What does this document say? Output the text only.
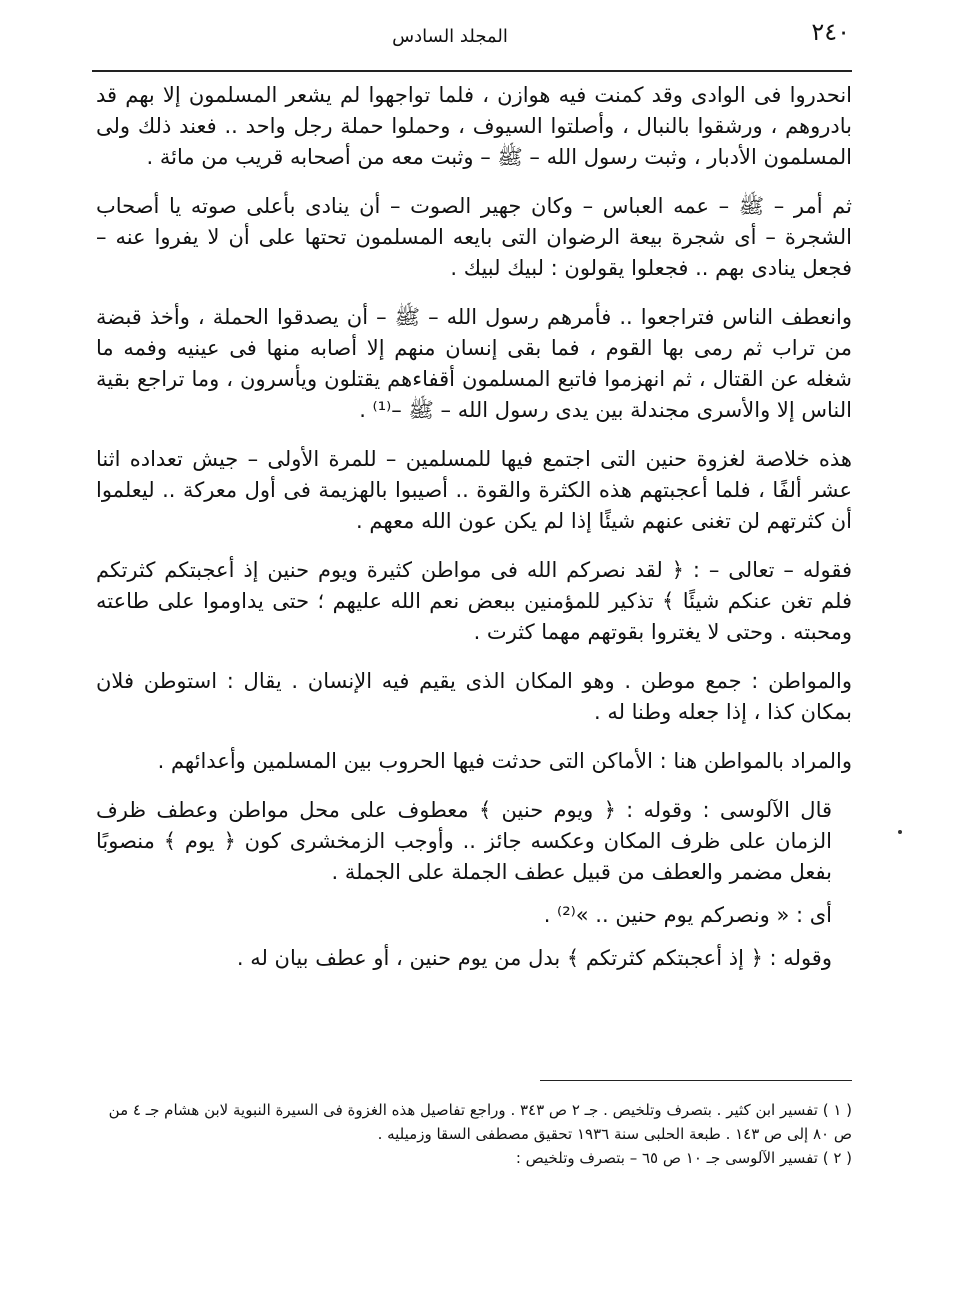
٢٤٠
المجلد السادس

انحدروا فى الوادى وقد كمنت فيه هوازن ، فلما تواجهوا لم يشعر المسلمون إلا بهم قد بادروهم ، ورشقوا بالنبال ، وأصلتوا السيوف ، وحملوا حملة رجل واحد .. فعند ذلك ولى المسلمون الأدبار ، وثبت رسول الله – ﷺ – وثبت معه من أصحابه قريب من مائة .

ثم أمر – ﷺ – عمه العباس – وكان جهير الصوت – أن ينادى بأعلى صوته يا أصحاب الشجرة – أى شجرة بيعة الرضوان التى بايعه المسلمون تحتها على أن لا يفروا عنه – فجعل ينادى بهم .. فجعلوا يقولون : لبيك لبيك .

وانعطف الناس فتراجعوا .. فأمرهم رسول الله – ﷺ – أن يصدقوا الحملة ، وأخذ قبضة من تراب ثم رمى بها القوم ، فما بقى إنسان منهم إلا أصابه منها فى عينيه وفمه ما شغله عن القتال ، ثم انهزموا فاتبع المسلمون أقفاءهم يقتلون ويأسرون ، وما تراجع بقية الناس إلا والأسرى مجندلة بين يدى رسول الله – ﷺ –⁽¹⁾ .

هذه خلاصة لغزوة حنين التى اجتمع فيها للمسلمين – للمرة الأولى – جيش تعداده اثنا عشر ألفًا ، فلما أعجبتهم هذه الكثرة والقوة .. أصيبوا بالهزيمة فى أول معركة .. ليعلموا أن كثرتهم لن تغنى عنهم شيئًا إذا لم يكن عون الله معهم .

فقوله – تعالى – : ﴿ لقد نصركم الله فى مواطن كثيرة ويوم حنين إذ أعجبتكم كثرتكم فلم تغن عنكم شيئًا ﴾ تذكير للمؤمنين ببعض نعم الله عليهم ؛ حتى يداوموا على طاعته ومحبته . وحتى لا يغتروا بقوتهم مهما كثرت .

والمواطن : جمع موطن . وهو المكان الذى يقيم فيه الإنسان . يقال : استوطن فلان بمكان كذا ، إذا جعله وطنا له .

والمراد بالمواطن هنا : الأماكن التى حدثت فيها الحروب بين المسلمين وأعدائهم .

قال الآلوسى : وقوله : ﴿ ويوم حنين ﴾ معطوف على محل مواطن وعطف ظرف الزمان على ظرف المكان وعكسه جائز .. وأوجب الزمخشرى كون ﴿ يوم ﴾ منصوبًا بفعل مضمر والعطف من قبيل عطف الجملة على الجملة .

أى : « ونصركم يوم حنين .. »⁽²⁾ .

وقوله : ﴿ إذ أعجبتكم كثرتكم ﴾ بدل من يوم حنين ، أو عطف بيان له .

( ١ ) تفسير ابن كثير . بتصرف وتلخيص . جـ ٢ ص ٣٤٣ . وراجع تفاصيل هذه الغزوة فى السيرة النبوية لابن هشام جـ ٤ من ص ٨٠ إلى ص ١٤٣ . طبعة الحلبى سنة ١٩٣٦ تحقيق مصطفى السقا وزميليه .

( ٢ ) تفسير الآلوسى جـ ١٠ ص ٦٥ – بتصرف وتلخيص :
